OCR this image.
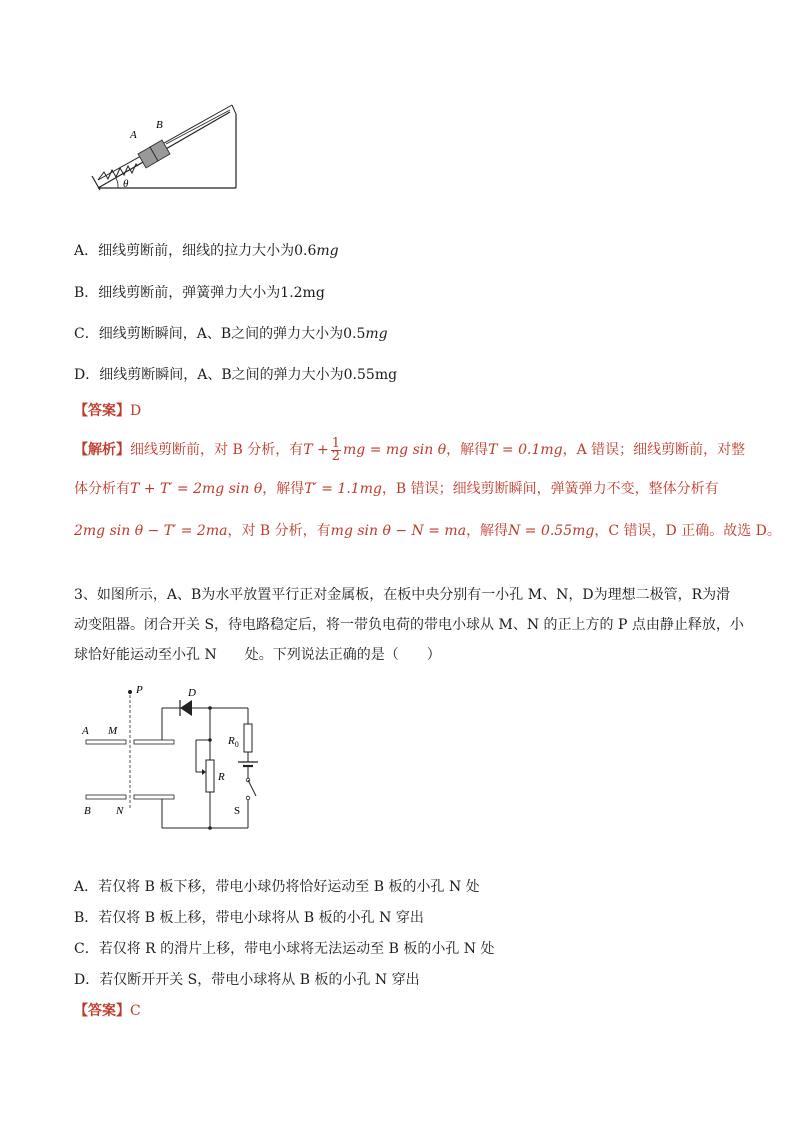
A
B
θ
A．细线剪断前，细线的拉力大小为0.6mg
B．细线剪断前，弹簧弹力大小为1.2mg
C．细线剪断瞬间，A、B之间的弹力大小为0.5mg
D．细线剪断瞬间，A、B之间的弹力大小为0.55mg
【答案】D
【解析】细线剪断前，对 B 分析，有$T + \frac{1}{2}$ mg = mg sin θ，解得T = 0.1mg，A 错误；细线剪断前，对整
体分析有T + T′ = 2mg sin θ，解得T′ = 1.1mg，B 错误；细线剪断瞬间，弹簧弹力不变，整体分析有
2mg sin θ − T′ = 2ma，对 B 分析，有mg sin θ − N = ma，解得N = 0.55mg，C 错误，D 正确。故选 D。
3、如图所示，A、B为水平放置平行正对金属板，在板中央分别有一小孔 M、N，D为理想二极管，R为滑
动变阻器。闭合开关 S，待电路稳定后，将一带负电荷的带电小球从 M、N 的正上方的 P 点由静止释放，小
球恰好能运动至小孔 N　　处。下列说法正确的是（　　）
P
A M
B N
D
$R_0$
S
R
A．若仅将 B 板下移，带电小球仍将恰好运动至 B 板的小孔 N 处
B．若仅将 B 板上移，带电小球将从 B 板的小孔 N 穿出
C．若仅将 R 的滑片上移，带电小球将无法运动至 B 板的小孔 N 处
D．若仅断开开关 S，带电小球将从 B 板的小孔 N 穿出
【答案】C
